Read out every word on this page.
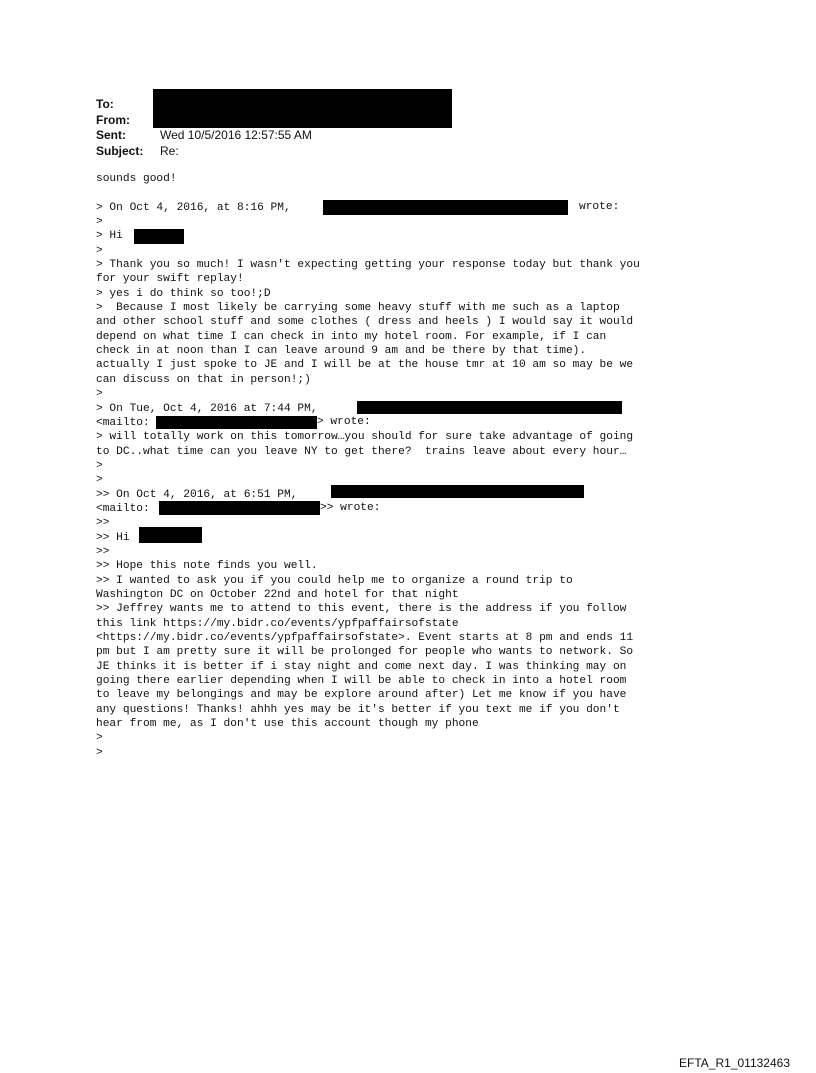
To:
From:
Sent:	Wed 10/5/2016 12:57:55 AM
Subject:	Re:
sounds good!
> On Oct 4, 2016, at 8:16 PM,
>
> Hi
>
> Thank you so much! I wasn't expecting getting your response today but thank you
for your swift replay!
> yes i do think so too!;D
>  Because I most likely be carrying some heavy stuff with me such as a laptop
and other school stuff and some clothes ( dress and heels ) I would say it would
depend on what time I can check in into my hotel room. For example, if I can
check in at noon than I can leave around 9 am and be there by that time).
actually I just spoke to JE and I will be at the house tmr at 10 am so may be we
can discuss on that in person!;)
>
> On Tue, Oct 4, 2016 at 7:44 PM,
<mailto:
> will totally work on this tomorrow…you should for sure take advantage of going
to DC..what time can you leave NY to get there?  trains leave about every hour…
>
>
>> On Oct 4, 2016, at 6:51 PM,
<mailto:
>>
>> Hi
>>
>> Hope this note finds you well.
>> I wanted to ask you if you could help me to organize a round trip to
Washington DC on October 22nd and hotel for that night
>> Jeffrey wants me to attend to this event, there is the address if you follow
this link https://my.bidr.co/events/ypfpaffairsofstate
<https://my.bidr.co/events/ypfpaffairsofstate>. Event starts at 8 pm and ends 11
pm but I am pretty sure it will be prolonged for people who wants to network. So
JE thinks it is better if i stay night and come next day. I was thinking may on
going there earlier depending when I will be able to check in into a hotel room
to leave my belongings and may be explore around after) Let me know if you have
any questions! Thanks! ahhh yes may be it's better if you text me if you don't
hear from me, as I don't use this account though my phone
>
>
wrote:
> wrote:
>> wrote:
EFTA_R1_01132463
